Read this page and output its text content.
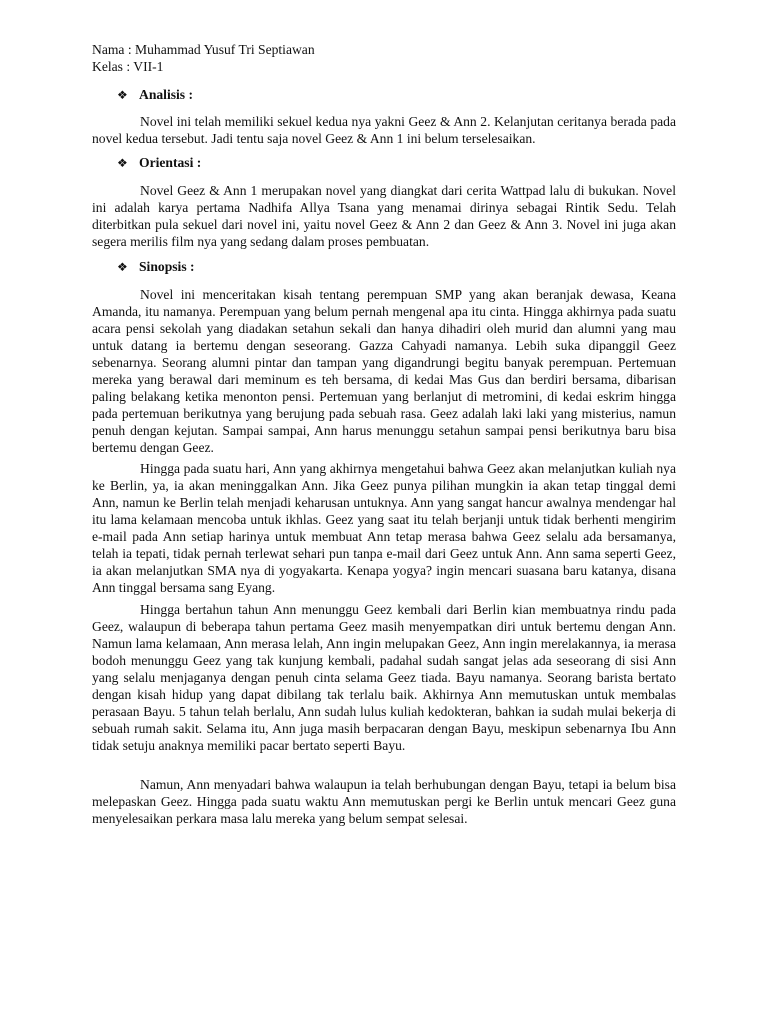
Nama : Muhammad Yusuf Tri Septiawan
Kelas : VII-1
❖ Analisis :

Novel ini telah memiliki sekuel kedua nya yakni Geez & Ann 2. Kelanjutan ceritanya berada pada novel kedua tersebut. Jadi tentu saja novel Geez & Ann 1 ini belum terselesaikan.

❖ Orientasi :

Novel Geez & Ann 1 merupakan novel yang diangkat dari cerita Wattpad lalu di bukukan. Novel ini adalah karya pertama Nadhifa Allya Tsana yang menamai dirinya sebagai Rintik Sedu. Telah diterbitkan pula sekuel dari novel ini, yaitu novel Geez & Ann 2 dan Geez & Ann 3. Novel ini juga akan segera merilis film nya yang sedang dalam proses pembuatan.

❖ Sinopsis :

Novel ini menceritakan kisah tentang perempuan SMP yang akan beranjak dewasa, Keana Amanda, itu namanya. Perempuan yang belum pernah mengenal apa itu cinta. Hingga akhirnya pada suatu acara pensi sekolah yang diadakan setahun sekali dan hanya dihadiri oleh murid dan alumni yang mau untuk datang ia bertemu dengan seseorang. Gazza Cahyadi namanya. Lebih suka dipanggil Geez sebenarnya. Seorang alumni pintar dan tampan yang digandrungi begitu banyak perempuan. Pertemuan mereka yang berawal dari meminum es teh bersama, di kedai Mas Gus dan berdiri bersama, dibarisan paling belakang ketika menonton pensi. Pertemuan yang berlanjut di metromini, di kedai eskrim hingga pada pertemuan berikutnya yang berujung pada sebuah rasa. Geez adalah laki laki yang misterius, namun penuh dengan kejutan. Sampai sampai, Ann harus menunggu setahun sampai pensi berikutnya baru bisa bertemu dengan Geez.

Hingga pada suatu hari, Ann yang akhirnya mengetahui bahwa Geez akan melanjutkan kuliah nya ke Berlin, ya, ia akan meninggalkan Ann. Jika Geez punya pilihan mungkin ia akan tetap tinggal demi Ann, namun ke Berlin telah menjadi keharusan untuknya. Ann yang sangat hancur awalnya mendengar hal itu lama kelamaan mencoba untuk ikhlas. Geez yang saat itu telah berjanji untuk tidak berhenti mengirim e-mail pada Ann setiap harinya untuk membuat Ann tetap merasa bahwa Geez selalu ada bersamanya, telah ia tepati, tidak pernah terlewat sehari pun tanpa e-mail dari Geez untuk Ann. Ann sama seperti Geez, ia akan melanjutkan SMA nya di yogyakarta. Kenapa yogya? ingin mencari suasana baru katanya, disana Ann tinggal bersama sang Eyang.

Hingga bertahun tahun Ann menunggu Geez kembali dari Berlin kian membuatnya rindu pada Geez, walaupun di beberapa tahun pertama Geez masih menyempatkan diri untuk bertemu dengan Ann. Namun lama kelamaan, Ann merasa lelah, Ann ingin melupakan Geez, Ann ingin merelakannya, ia merasa bodoh menunggu Geez yang tak kunjung kembali, padahal sudah sangat jelas ada seseorang di sisi Ann yang selalu menjaganya dengan penuh cinta selama Geez tiada. Bayu namanya. Seorang barista bertato dengan kisah hidup yang dapat dibilang tak terlalu baik. Akhirnya Ann memutuskan untuk membalas perasaan Bayu. 5 tahun telah berlalu, Ann sudah lulus kuliah kedokteran, bahkan ia sudah mulai bekerja di sebuah rumah sakit. Selama itu, Ann juga masih berpacaran dengan Bayu, meskipun sebenarnya Ibu Ann tidak setuju anaknya memiliki pacar bertato seperti Bayu.

Namun, Ann menyadari bahwa walaupun ia telah berhubungan dengan Bayu, tetapi ia belum bisa melepaskan Geez. Hingga pada suatu waktu Ann memutuskan pergi ke Berlin untuk mencari Geez guna menyelesaikan perkara masa lalu mereka yang belum sempat selesai.
